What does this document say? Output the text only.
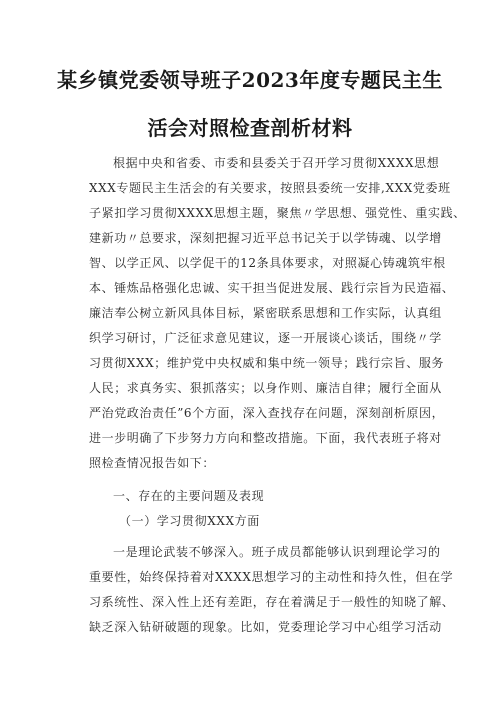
某乡镇党委领导班子2023年度专题民主生
活会对照检查剖析材料
根据中央和省委、市委和县委关于召开学习贯彻XXXX思想
XXX专题民主生活会的有关要求，按照县委统一安排,XXX党委班
子紧扣学习贯彻XXXX思想主题，聚焦〃学思想、强党性、重实践、
建新功〃总要求，深刻把握习近平总书记关于以学铸魂、以学增
智、以学正风、以学促干的12条具体要求，对照凝心铸魂筑牢根
本、锤炼品格强化忠诚、实干担当促进发展、践行宗旨为民造福、
廉洁奉公树立新风具体目标，紧密联系思想和工作实际，认真组
织学习研讨，广泛征求意见建议，逐一开展谈心谈话，围绕〃学
习贯彻XXX；维护党中央权威和集中统一领导；践行宗旨、服务
人民；求真务实、狠抓落实；以身作则、廉洁自律；履行全面从
严治党政治责任”6个方面，深入查找存在问题，深刻剖析原因，
进一步明确了下步努力方向和整改措施。下面，我代表班子将对
照检查情况报告如下：
一、存在的主要问题及表现
（一）学习贯彻XXX方面
一是理论武装不够深入。班子成员都能够认识到理论学习的
重要性，始终保持着对XXXX思想学习的主动性和持久性，但在学
习系统性、深入性上还有差距，存在着满足于一般性的知晓了解、
缺乏深入钻研破题的现象。比如，党委理论学习中心组学习活动
